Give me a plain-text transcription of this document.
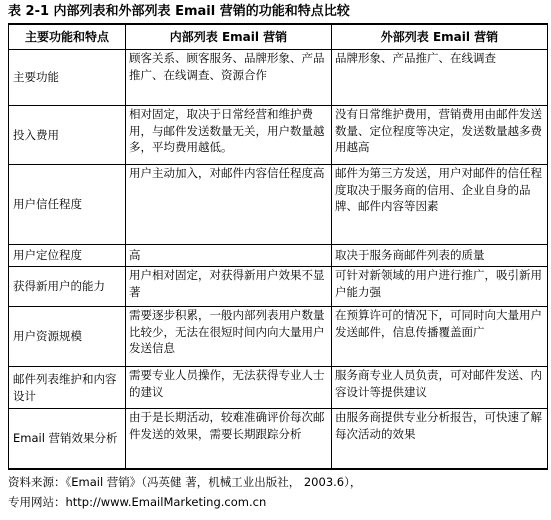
表 2-1 内部列表和外部列表 Email 营销的功能和特点比较
主要功能和特点	内部列表 Email 营销	外部列表 Email 营销
主要功能	顾客关系、顾客服务、品牌形象、产品推广、在线调查、资源合作	品牌形象、产品推广、在线调查
投入费用	相对固定，取决于日常经营和维护费用，与邮件发送数量无关，用户数量越多，平均费用越低。	没有日常维护费用，营销费用由邮件发送数量、定位程度等决定，发送数量越多费用越高
用户信任程度	用户主动加入，对邮件内容信任程度高	邮件为第三方发送，用户对邮件的信任程度取决于服务商的信用、企业自身的品牌、邮件内容等因素
用户定位程度	高	取决于服务商邮件列表的质量
获得新用户的能力	用户相对固定，对获得新用户效果不显著	可针对新领域的用户进行推广，吸引新用户能力强
用户资源规模	需要逐步积累，一般内部列表用户数量比较少，无法在很短时间内向大量用户发送信息	在预算许可的情况下，可同时向大量用户发送邮件，信息传播覆盖面广
邮件列表维护和内容设计	需要专业人员操作，无法获得专业人士的建议	服务商专业人员负责，可对邮件发送、内容设计等提供建议
Email 营销效果分析	由于是长期活动，较难准确评价每次邮件发送的效果，需要长期跟踪分析	由服务商提供专业分析报告，可快速了解每次活动的效果
资料来源：《Email 营销》（冯英健 著，机械工业出版社， 2003.6），
专用网站：http://www.EmailMarketing.com.cn
